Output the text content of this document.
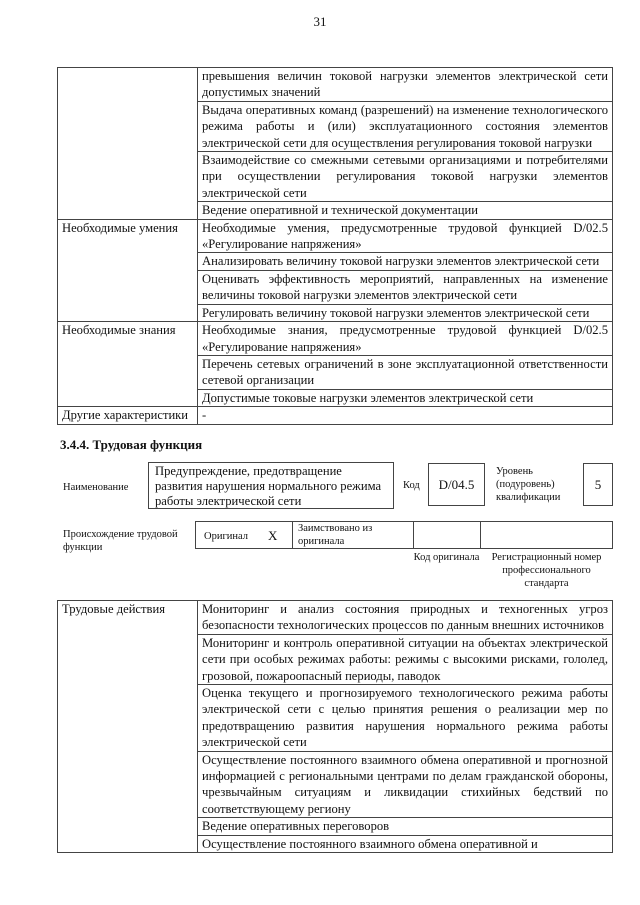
31
	превышения величин токовой нагрузки элементов электрической сети допустимых значений
	Выдача оперативных команд (разрешений) на изменение технологического режима работы и (или) эксплуатационного состояния элементов электрической сети для осуществления регулирования токовой нагрузки
	Взаимодействие со смежными сетевыми организациями и потребителями при осуществлении регулирования токовой нагрузки элементов электрической сети
	Ведение оперативной и технической документации
Необходимые умения	Необходимые умения, предусмотренные трудовой функцией D/02.5 «Регулирование напряжения»
	Анализировать величину токовой нагрузки элементов электрической сети
	Оценивать эффективность мероприятий, направленных на изменение величины токовой нагрузки элементов электрической сети
	Регулировать величину токовой нагрузки элементов электрической сети
Необходимые знания	Необходимые знания, предусмотренные трудовой функцией D/02.5 «Регулирование напряжения»
	Перечень сетевых ограничений в зоне эксплуатационной ответственности сетевой организации
	Допустимые токовые нагрузки элементов электрической сети
Другие характеристики	-
3.4.4. Трудовая функция
Наименование
Предупреждение, предотвращение развития нарушения нормального режима работы электрической сети
Код	D/04.5
Уровень (подуровень) квалификации
5
Происхождение трудовой функции
Оригинал X Заимствовано из оригинала
Код оригинала	Регистрационный номер профессионального стандарта
Трудовые действия	Мониторинг и анализ состояния природных и техногенных угроз безопасности технологических процессов по данным внешних источников
Мониторинг и контроль оперативной ситуации на объектах электрической сети при особых режимах работы: режимы с высокими рисками, гололед, грозовой, пожароопасный периоды, паводок
Оценка текущего и прогнозируемого технологического режима работы электрической сети с целью принятия решения о реализации мер по предотвращению развития нарушения нормального режима работы электрической сети
Осуществление постоянного взаимного обмена оперативной и прогнозной информацией с региональными центрами по делам гражданской обороны, чрезвычайным ситуациям и ликвидации стихийных бедствий по соответствующему региону
Ведение оперативных переговоров
Осуществление постоянного взаимного обмена оперативной и
